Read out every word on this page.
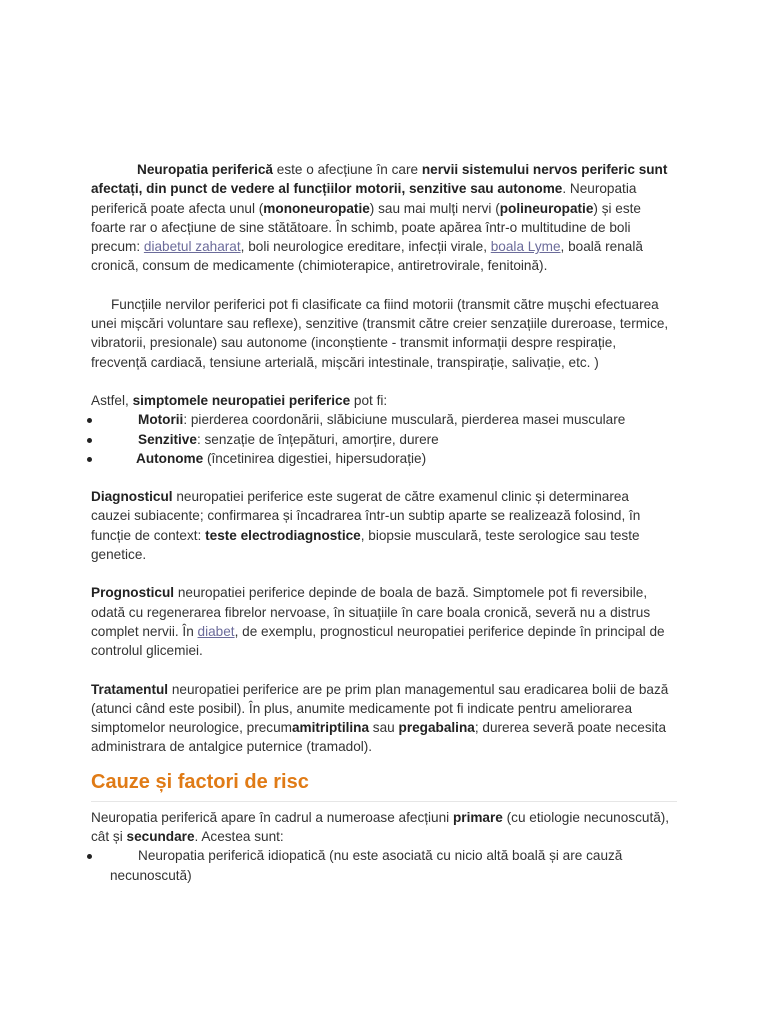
Neuropatia periferică este o afecțiune în care nervii sistemului nervos periferic sunt afectați, din punct de vedere al funcțiilor motorii, senzitive sau autonome. Neuropatia periferică poate afecta unul (mononeuropatie) sau mai mulți nervi (polineuropatie) și este foarte rar o afecțiune de sine stătătoare. În schimb, poate apărea într-o multitudine de boli precum: diabetul zaharat, boli neurologice ereditare, infecții virale, boala Lyme, boală renală cronică, consum de medicamente (chimioterapice, antiretrovirale, fenitoină).

Funcțiile nervilor periferici pot fi clasificate ca fiind motorii (transmit către mușchi efectuarea unei mișcări voluntare sau reflexe), senzitive (transmit către creier senzațiile dureroase, termice, vibratorii, presionale) sau autonome (inconștiente - transmit informații despre respirație, frecvență cardiacă, tensiune arterială, mișcări intestinale, transpirație, salivație, etc. )

Astfel, simptomele neuropatiei periferice pot fi:

Motorii: pierderea coordonării, slăbiciune musculară, pierderea masei musculare
Senzitive: senzație de înțepături, amorțire, durere
Autonome (încetinirea digestiei, hipersudorație)

Diagnosticul neuropatiei periferice este sugerat de către examenul clinic și determinarea cauzei subiacente; confirmarea și încadrarea într-un subtip aparte se realizează folosind, în funcție de context: teste electrodiagnostice, biopsie musculară, teste serologice sau teste genetice.

Prognosticul neuropatiei periferice depinde de boala de bază. Simptomele pot fi reversibile, odată cu regenerarea fibrelor nervoase, în situațiile în care boala cronică, severă nu a distrus complet nervii. În diabet, de exemplu, prognosticul neuropatiei periferice depinde în principal de controlul glicemiei.

Tratamentul neuropatiei periferice are pe prim plan managementul sau eradicarea bolii de bază (atunci când este posibil). În plus, anumite medicamente pot fi indicate pentru ameliorarea simptomelor neurologice, precumamitriptilina sau pregabalina; durerea severă poate necesita administrara de antalgice puternice (tramadol).

Cauze și factori de risc

Neuropatia periferică apare în cadrul a numeroase afecțiuni primare (cu etiologie necunoscută), cât și secundare. Acestea sunt:

Neuropatia periferică idiopatică (nu este asociată cu nicio altă boală și are cauză necunoscută)
